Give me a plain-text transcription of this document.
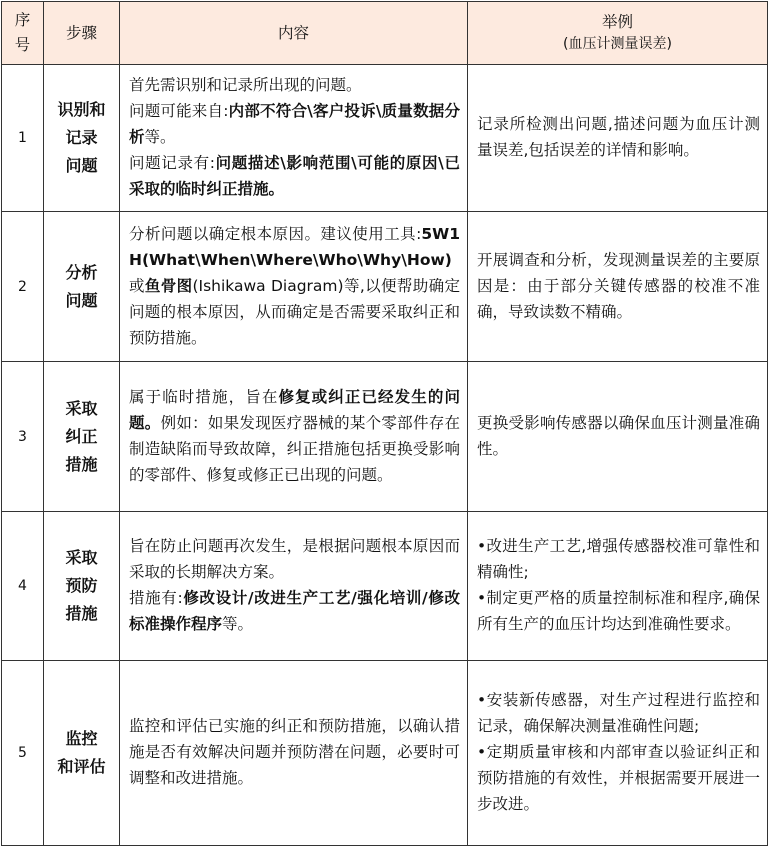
序
号	步骤	内容	举例
(血压计测量误差)

1	识别和
记录
问题	首先需识别和记录所出现的问题。
问题可能来自:内部不符合\客户投诉\质量数据分析等。
问题记录有:问题描述\影响范围\可能的原因\已采取的临时纠正措施。	记录所检测出问题,描述问题为血压计测量误差,包括误差的详情和影响。
2	分析
问题	分析问题以确定根本原因。建议使用工具:5W1H(What\When\Where\Who\Why\How)或鱼骨图(Ishikawa Diagram)等,以便帮助确定问题的根本原因，从而确定是否需要采取纠正和预防措施。	开展调查和分析，发现测量误差的主要原因是：由于部分关键传感器的校准不准确，导致读数不精确。
3	采取
纠正
措施	属于临时措施，旨在修复或纠正已经发生的问题。例如：如果发现医疗器械的某个零部件存在制造缺陷而导致故障，纠正措施包括更换受影响的零部件、修复或修正已出现的问题。	更换受影响传感器以确保血压计测量准确性。
4	采取
预防
措施	旨在防止问题再次发生，是根据问题根本原因而采取的长期解决方案。
措施有:修改设计/改进生产工艺/强化培训/修改标准操作程序等。	•改进生产工艺,增强传感器校准可靠性和精确性;
•制定更严格的质量控制标准和程序,确保所有生产的血压计均达到准确性要求。

5	监控
和评估	监控和评估已实施的纠正和预防措施，以确认措施是否有效解决问题并预防潜在问题，必要时可调整和改进措施。	•安装新传感器，对生产过程进行监控和记录，确保解决测量准确性问题;
•定期质量审核和内部审查以验证纠正和预防措施的有效性，并根据需要开展进一步改进。
